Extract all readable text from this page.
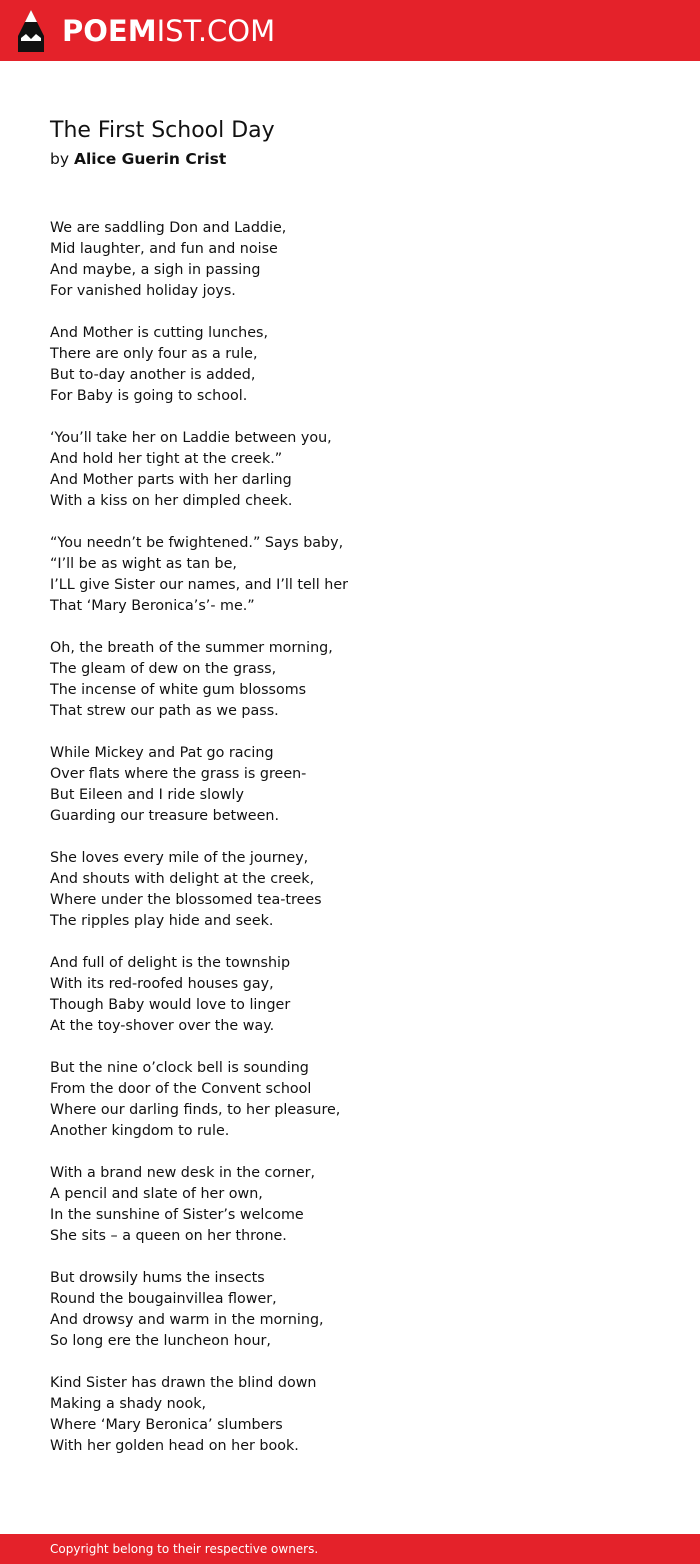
POEMIST.COM
The First School Day
by Alice Guerin Crist
We are saddling Don and Laddie,
Mid laughter, and fun and noise
And maybe, a sigh in passing
For vanished holiday joys.
And Mother is cutting lunches,
There are only four as a rule,
But to-day another is added,
For Baby is going to school.
‘You’ll take her on Laddie between you,
And hold her tight at the creek.”
And Mother parts with her darling
With a kiss on her dimpled cheek.
“You needn’t be fwightened.” Says baby,
“I’ll be as wight as tan be,
I’LL give Sister our names, and I’ll tell her
That ‘Mary Beronica’s’- me.”
Oh, the breath of the summer morning,
The gleam of dew on the grass,
The incense of white gum blossoms
That strew our path as we pass.
While Mickey and Pat go racing
Over flats where the grass is green-
But Eileen and I ride slowly
Guarding our treasure between.
She loves every mile of the journey,
And shouts with delight at the creek,
Where under the blossomed tea-trees
The ripples play hide and seek.
And full of delight is the township
With its red-roofed houses gay,
Though Baby would love to linger
At the toy-shover over the way.
But the nine o’clock bell is sounding
From the door of the Convent school
Where our darling finds, to her pleasure,
Another kingdom to rule.
With a brand new desk in the corner,
A pencil and slate of her own,
In the sunshine of Sister’s welcome
She sits – a queen on her throne.
But drowsily hums the insects
Round the bougainvillea flower,
And drowsy and warm in the morning,
So long ere the luncheon hour,
Kind Sister has drawn the blind down
Making a shady nook,
Where ‘Mary Beronica’ slumbers
With her golden head on her book.
Copyright belong to their respective owners.
